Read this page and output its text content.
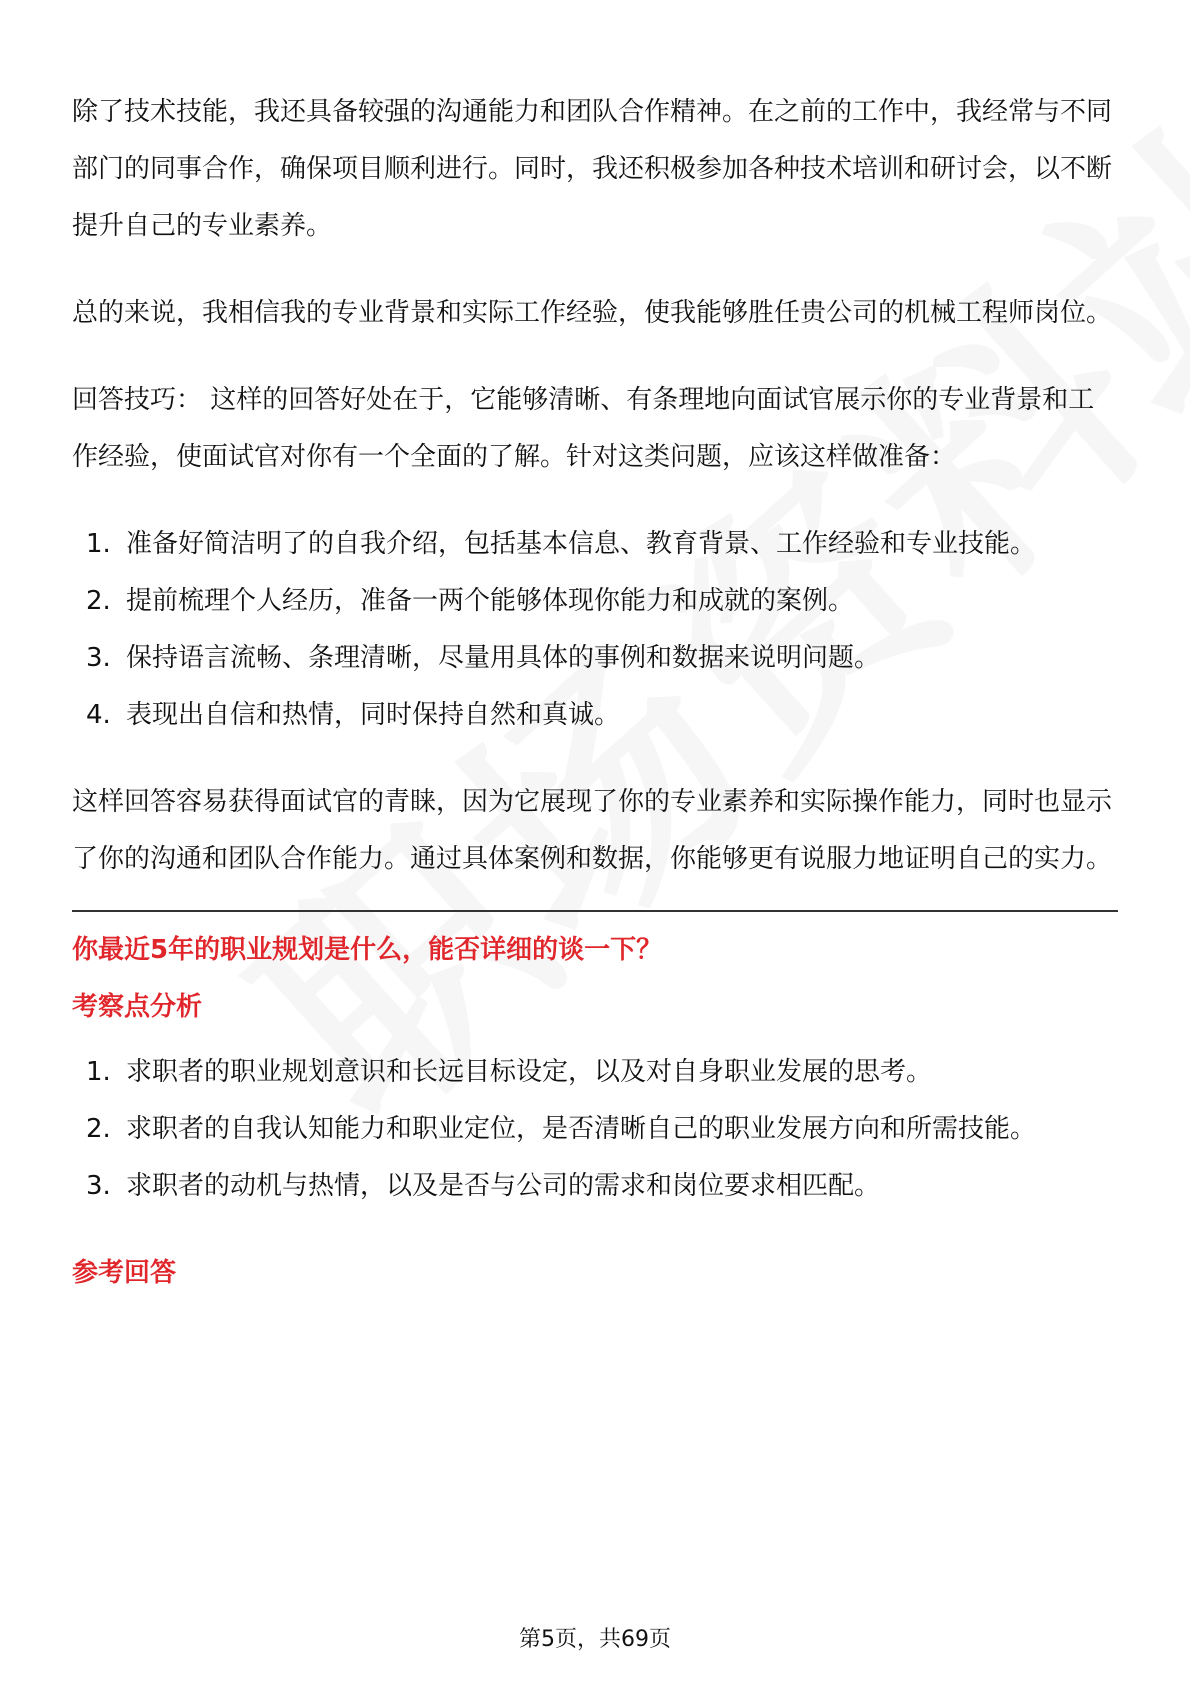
除了技术技能，我还具备较强的沟通能力和团队合作精神。在之前的工作中，我经常与不同部门的同事合作，确保项目顺利进行。同时，我还积极参加各种技术培训和研讨会，以不断提升自己的专业素养。

总的来说，我相信我的专业背景和实际工作经验，使我能够胜任贵公司的机械工程师岗位。

回答技巧： 这样的回答好处在于，它能够清晰、有条理地向面试官展示你的专业背景和工作经验，使面试官对你有一个全面的了解。针对这类问题，应该这样做准备：

1. 准备好简洁明了的自我介绍，包括基本信息、教育背景、工作经验和专业技能。
2. 提前梳理个人经历，准备一两个能够体现你能力和成就的案例。
3. 保持语言流畅、条理清晰，尽量用具体的事例和数据来说明问题。
4. 表现出自信和热情，同时保持自然和真诚。

这样回答容易获得面试官的青睐，因为它展现了你的专业素养和实际操作能力，同时也显示了你的沟通和团队合作能力。通过具体案例和数据，你能够更有说服力地证明自己的实力。

你最近5年的职业规划是什么，能否详细的谈一下？
考察点分析
1. 求职者的职业规划意识和长远目标设定，以及对自身职业发展的思考。
2. 求职者的自我认知能力和职业定位，是否清晰自己的职业发展方向和所需技能。
3. 求职者的动机与热情，以及是否与公司的需求和岗位要求相匹配。
参考回答
第5页，共69页
